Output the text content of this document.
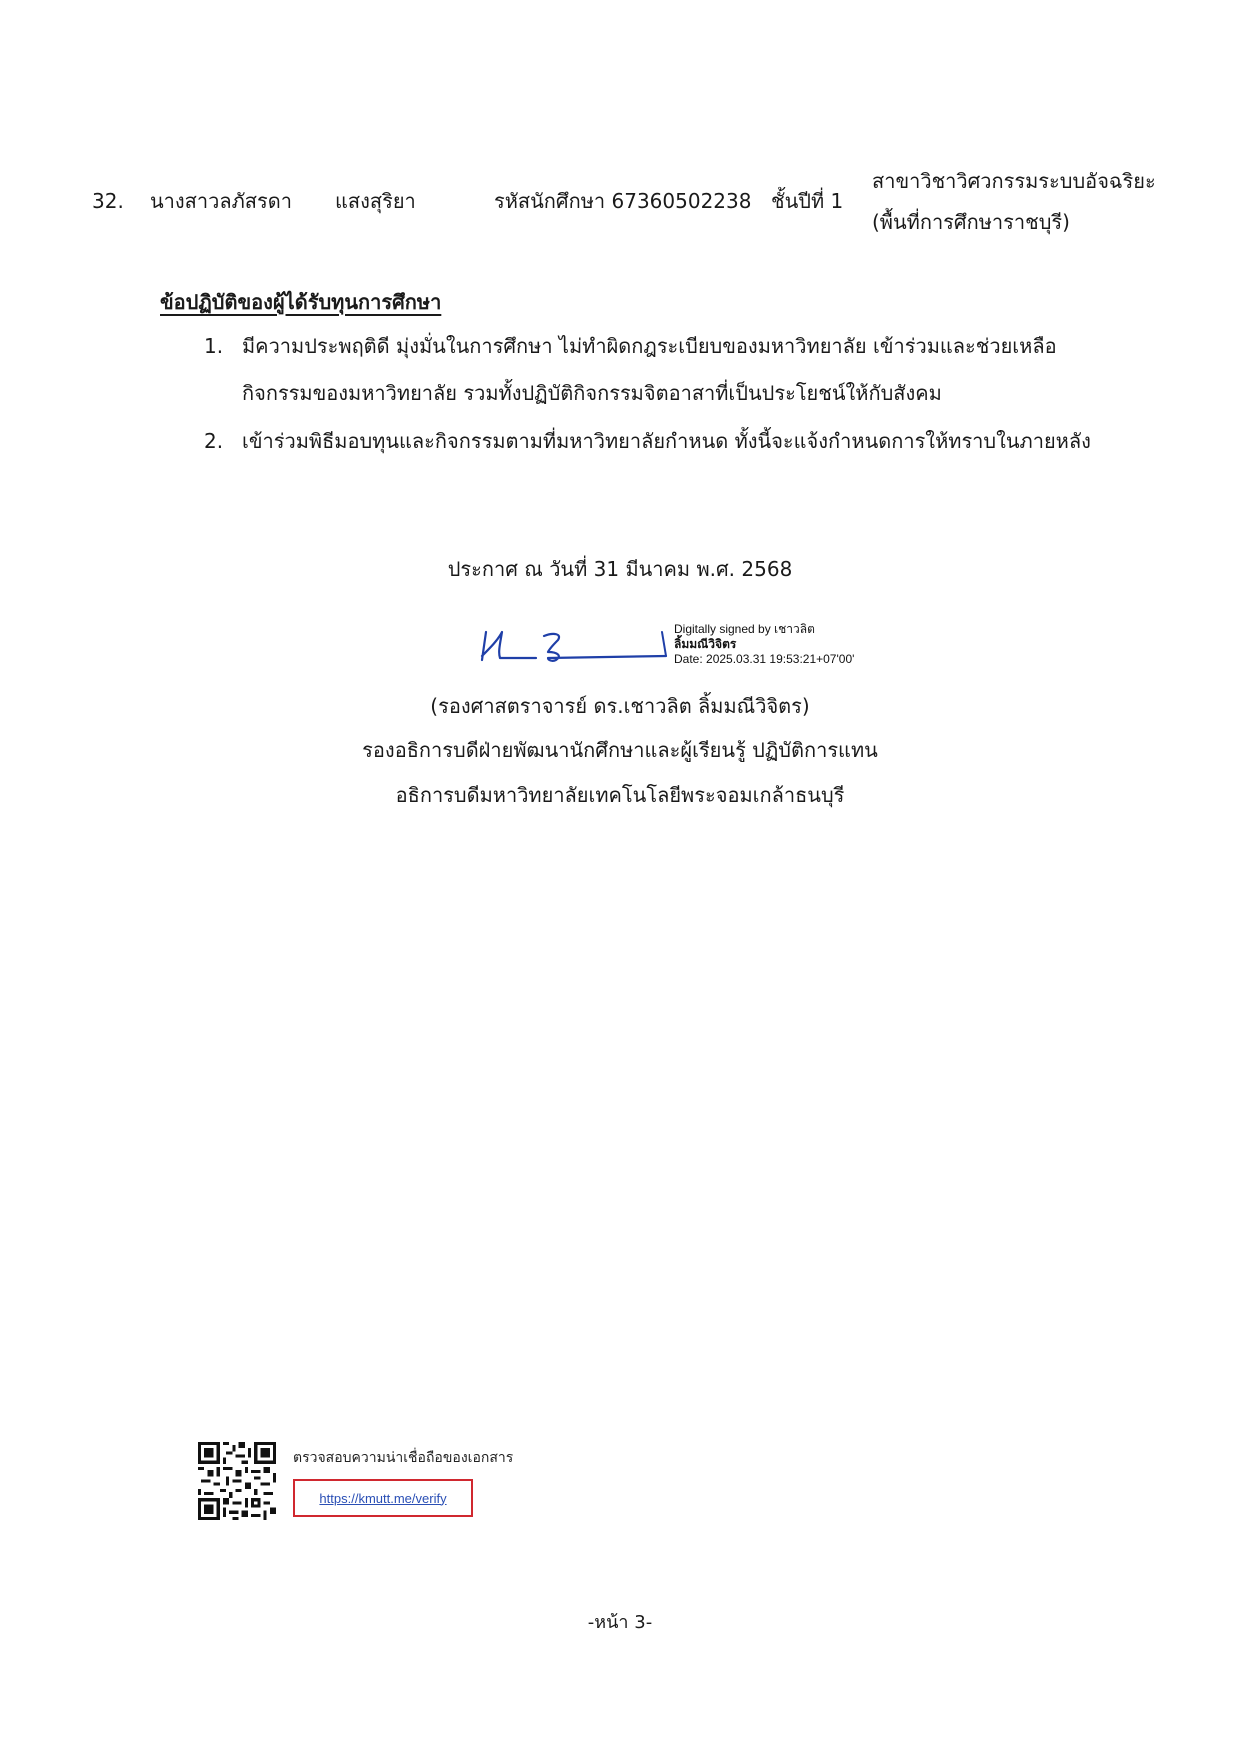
32. นางสาวลภัสรดา แสงสุริยา	รหัสนักศึกษา 67360502238 ชั้นปีที่ 1
สาขาวิชาวิศวกรรมระบบอัจฉริยะ
(พื้นที่การศึกษาราชบุรี)
ข้อปฏิบัติของผู้ได้รับทุนการศึกษา
1. มีความประพฤติดี มุ่งมั่นในการศึกษา ไม่ทำผิดกฎระเบียบของมหาวิทยาลัย เข้าร่วมและช่วยเหลือ
กิจกรรมของมหาวิทยาลัย รวมทั้งปฏิบัติกิจกรรมจิตอาสาที่เป็นประโยชน์ให้กับสังคม
2. เข้าร่วมพิธีมอบทุนและกิจกรรมตามที่มหาวิทยาลัยกำหนด ทั้งนี้จะแจ้งกำหนดการให้ทราบในภายหลัง
ประกาศ ณ วันที่ 31 มีนาคม พ.ศ. 2568
Digitally signed by เชาวลิต
ลิ้มมณีวิจิตร
Date: 2025.03.31 19:53:21+07'00'
(รองศาสตราจารย์ ดร.เชาวลิต ลิ้มมณีวิจิตร)
รองอธิการบดีฝ่ายพัฒนานักศึกษาและผู้เรียนรู้ ปฏิบัติการแทน
อธิการบดีมหาวิทยาลัยเทคโนโลยีพระจอมเกล้าธนบุรี
ตรวจสอบความน่าเชื่อถือของเอกสาร
https://kmutt.me/verify
-หน้า 3-
